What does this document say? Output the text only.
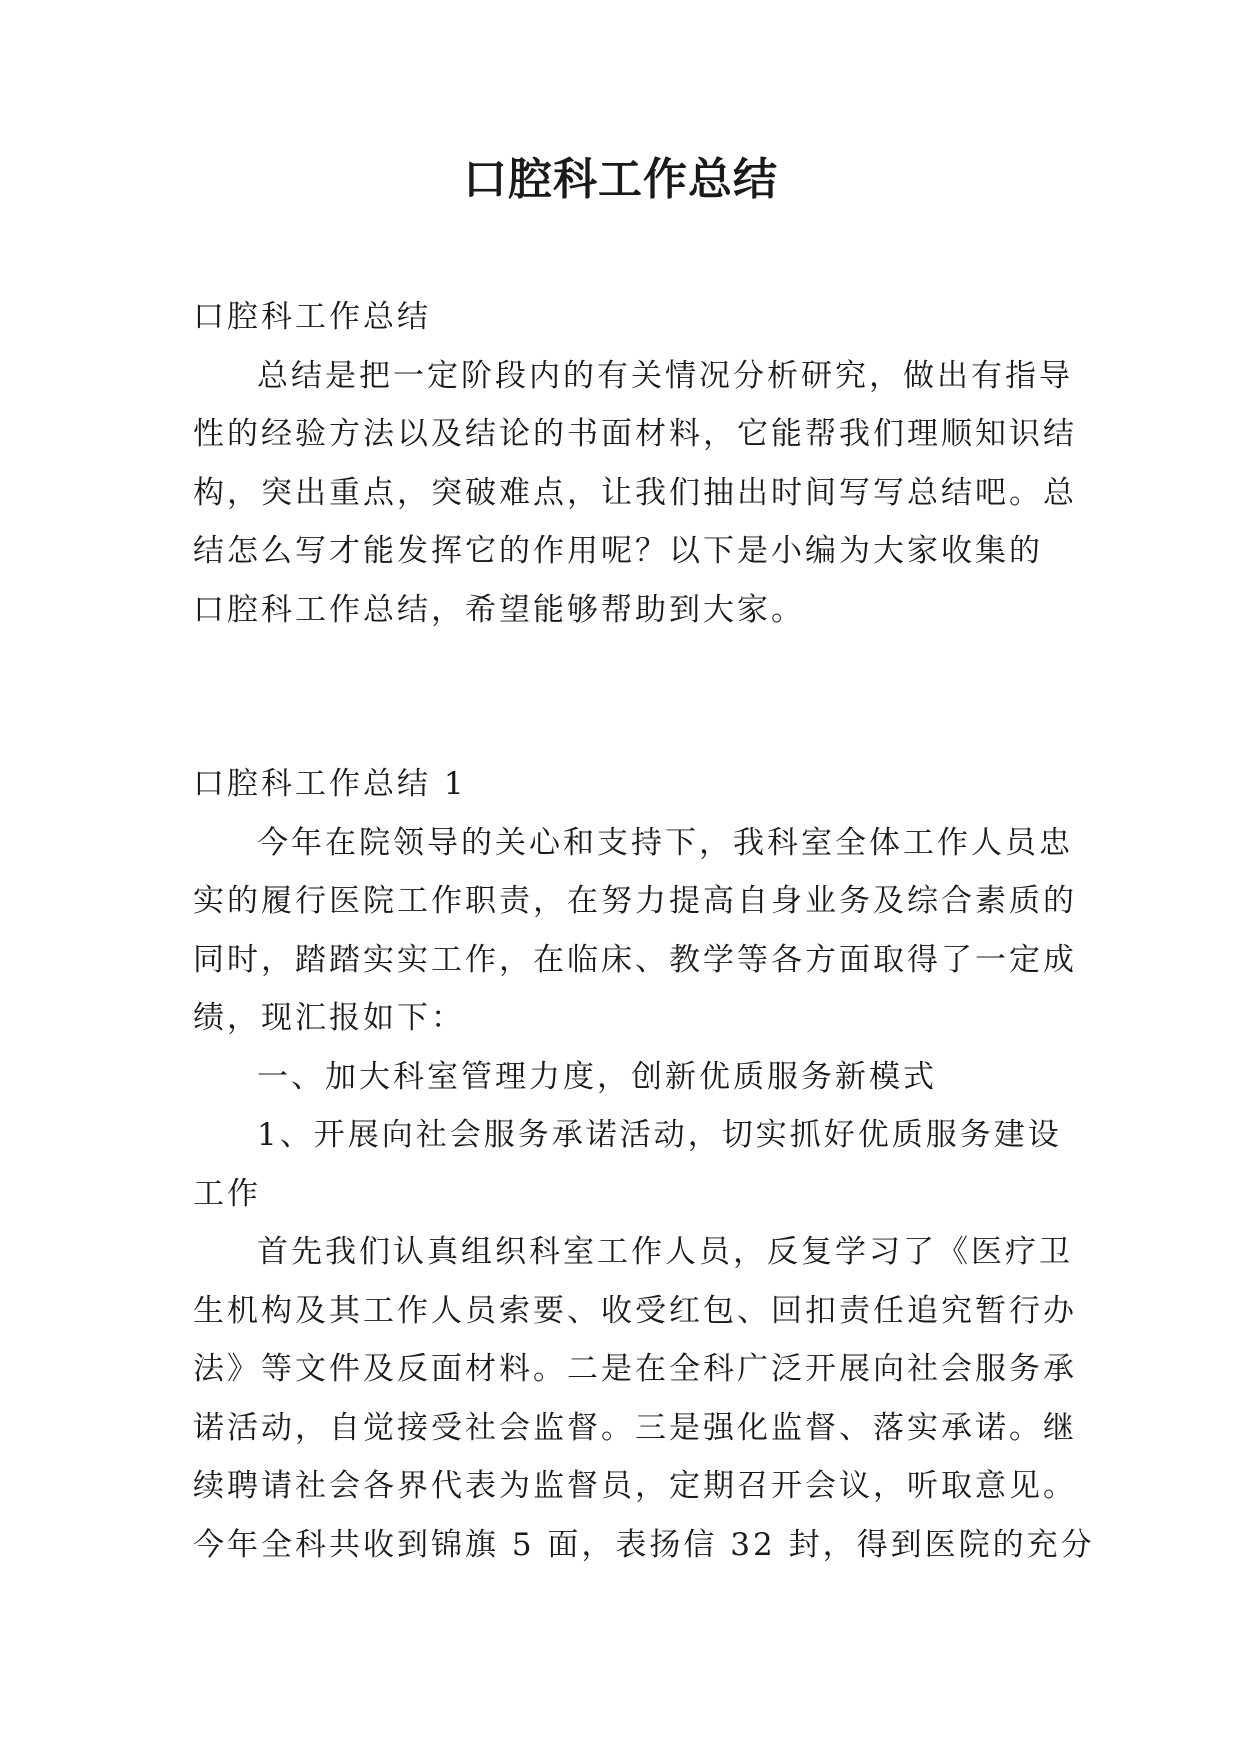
口腔科工作总结
口腔科工作总结
总结是把一定阶段内的有关情况分析研究，做出有指导
性的经验方法以及结论的书面材料，它能帮我们理顺知识结
构，突出重点，突破难点，让我们抽出时间写写总结吧。总
结怎么写才能发挥它的作用呢？以下是小编为大家收集的
口腔科工作总结，希望能够帮助到大家。
口腔科工作总结 1
今年在院领导的关心和支持下，我科室全体工作人员忠
实的履行医院工作职责，在努力提高自身业务及综合素质的
同时，踏踏实实工作，在临床、教学等各方面取得了一定成
绩，现汇报如下：
一、加大科室管理力度，创新优质服务新模式
1、开展向社会服务承诺活动，切实抓好优质服务建设
工作
首先我们认真组织科室工作人员，反复学习了《医疗卫
生机构及其工作人员索要、收受红包、回扣责任追究暂行办
法》等文件及反面材料。二是在全科广泛开展向社会服务承
诺活动，自觉接受社会监督。三是强化监督、落实承诺。继
续聘请社会各界代表为监督员，定期召开会议，听取意见。
今年全科共收到锦旗 5 面，表扬信 32 封，得到医院的充分
